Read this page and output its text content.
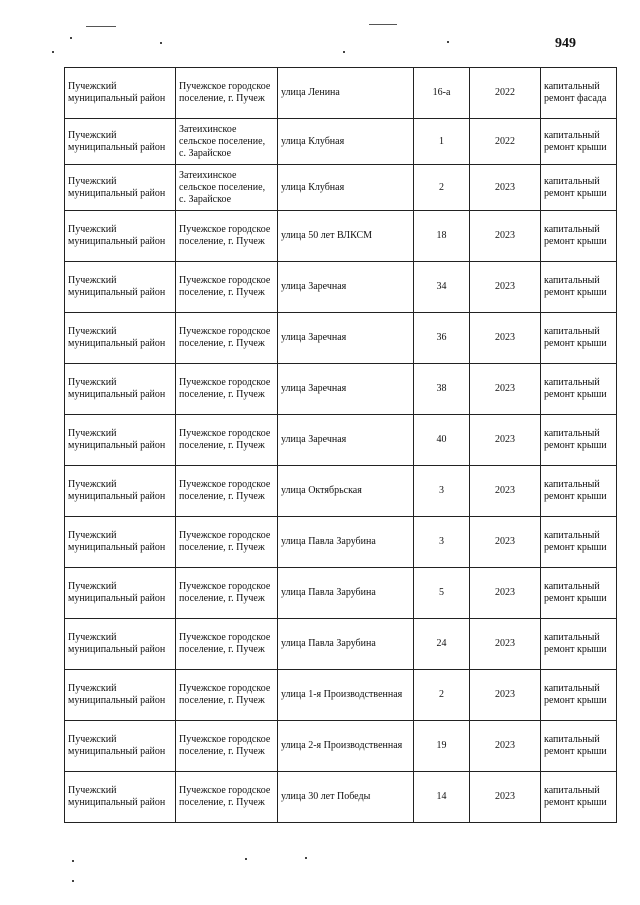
949
Пучежский муниципальный район	Пучежское городское поселение, г. Пучеж	улица Ленина	16-а	2022	капитальный ремонт фасада
Пучежский муниципальный район	Затеихинское сельское поселение, с. Зарайское	улица Клубная	1	2022	капитальный ремонт крыши
Пучежский муниципальный район	Затеихинское сельское поселение, с. Зарайское	улица Клубная	2	2023	капитальный ремонт крыши
Пучежский муниципальный район	Пучежское городское поселение, г. Пучеж	улица 50 лет ВЛКСМ	18	2023	капитальный ремонт крыши
Пучежский муниципальный район	Пучежское городское поселение, г. Пучеж	улица Заречная	34	2023	капитальный ремонт крыши
Пучежский муниципальный район	Пучежское городское поселение, г. Пучеж	улица Заречная	36	2023	капитальный ремонт крыши
Пучежский муниципальный район	Пучежское городское поселение, г. Пучеж	улица Заречная	38	2023	капитальный ремонт крыши
Пучежский муниципальный район	Пучежское городское поселение, г. Пучеж	улица Заречная	40	2023	капитальный ремонт крыши
Пучежский муниципальный район	Пучежское городское поселение, г. Пучеж	улица Октябрьская	3	2023	капитальный ремонт крыши
Пучежский муниципальный район	Пучежское городское поселение, г. Пучеж	улица Павла Зарубина	3	2023	капитальный ремонт крыши
Пучежский муниципальный район	Пучежское городское поселение, г. Пучеж	улица Павла Зарубина	5	2023	капитальный ремонт крыши
Пучежский муниципальный район	Пучежское городское поселение, г. Пучеж	улица Павла Зарубина	24	2023	капитальный ремонт крыши
Пучежский муниципальный район	Пучежское городское поселение, г. Пучеж	улица 1-я Производственная	2	2023	капитальный ремонт крыши
Пучежский муниципальный район	Пучежское городское поселение, г. Пучеж	улица 2-я Производственная	19	2023	капитальный ремонт крыши
Пучежский муниципальный район	Пучежское городское поселение, г. Пучеж	улица 30 лет Победы	14	2023	капитальный ремонт крыши
